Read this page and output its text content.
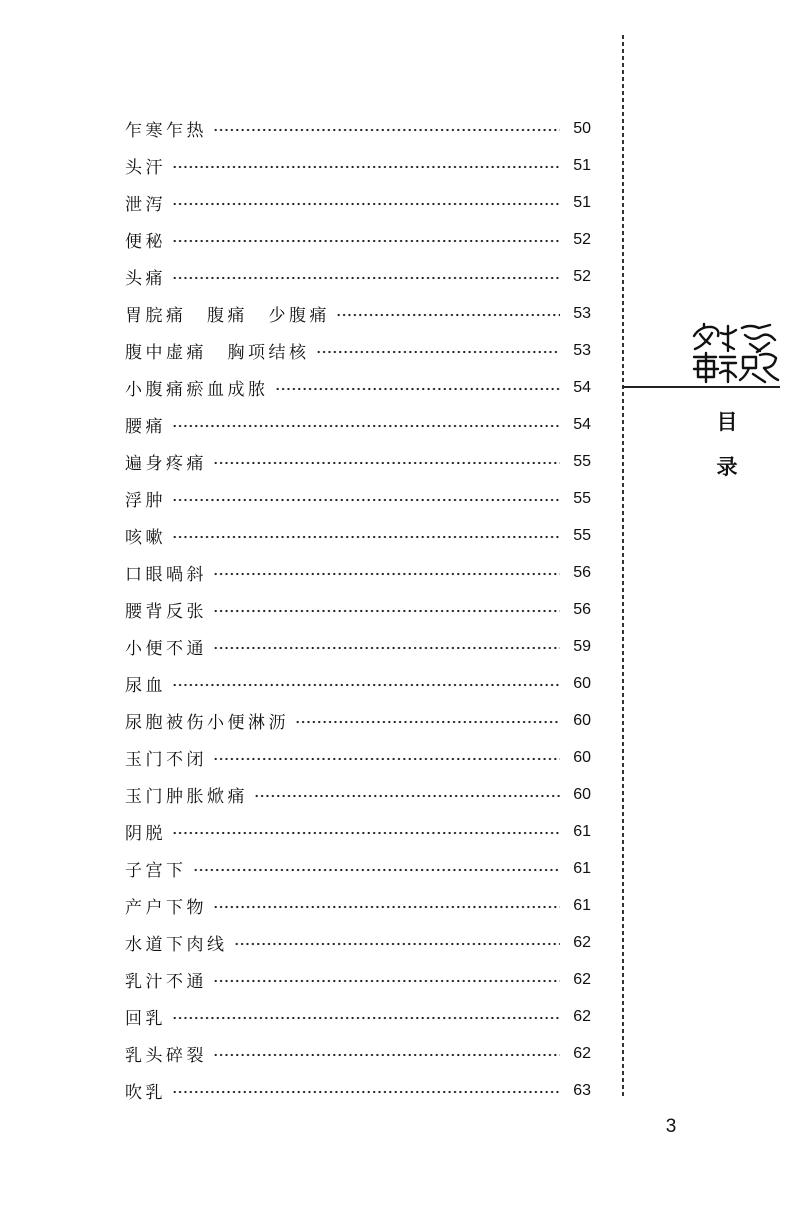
乍寒乍热	50
头汗	51
泄泻	51
便秘	52
头痛	52
胃脘痛　腹痛　少腹痛	53
腹中虚痛　胸项结核	53
小腹痛瘀血成脓	54
腰痛	54
遍身疼痛	55
浮肿	55
咳嗽	55
口眼喎斜	56
腰背反张	56
小便不通	59
尿血	60
尿胞被伤小便淋沥	60
玉门不闭	60
玉门肿胀焮痛	60
阴脱	61
子宫下	61
产户下物	61
水道下肉线	62
乳汁不通	62
回乳	62
乳头碎裂	62
吹乳	63
目
录
3
